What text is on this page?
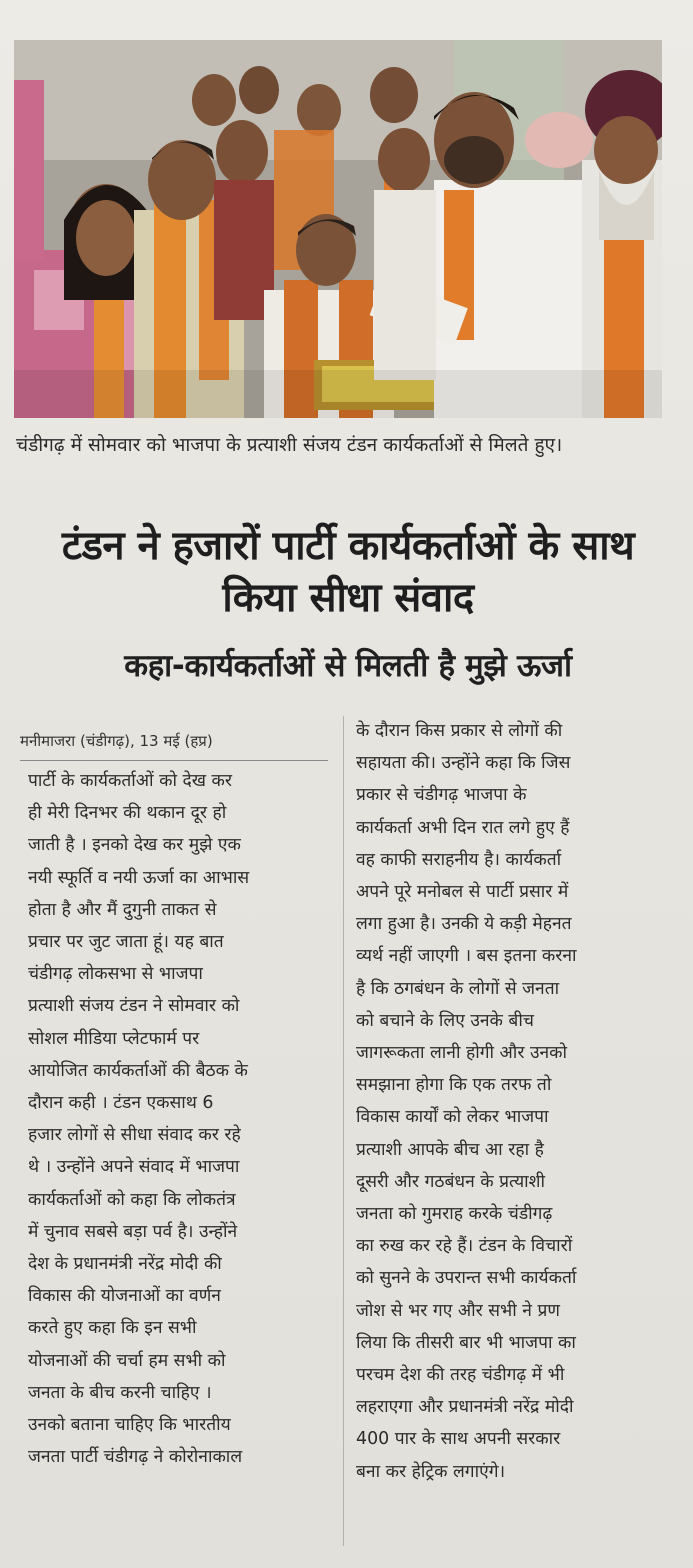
चंडीगढ़ में सोमवार को भाजपा के प्रत्याशी संजय टंडन कार्यकर्ताओं से मिलते हुए।
टंडन ने हजारों पार्टी कार्यकर्ताओं के साथ
किया सीधा संवाद
कहा-कार्यकर्ताओं से मिलती है मुझे ऊर्जा
मनीमाजरा (चंडीगढ़), 13 मई (हप्र)
पार्टी के कार्यकर्ताओं को देख कर
ही मेरी दिनभर की थकान दूर हो
जाती है । इनको देख कर मुझे एक
नयी स्फूर्ति व नयी ऊर्जा का आभास
होता है और मैं दुगुनी ताकत से
प्रचार पर जुट जाता हूं। यह बात
चंडीगढ़ लोकसभा से भाजपा
प्रत्याशी संजय टंडन ने सोमवार को
सोशल मीडिया प्लेटफार्म पर
आयोजित कार्यकर्ताओं की बैठक के
दौरान कही । टंडन एकसाथ 6
हजार लोगों से सीधा संवाद कर रहे
थे । उन्होंने अपने संवाद में भाजपा
कार्यकर्ताओं को कहा कि लोकतंत्र
में चुनाव सबसे बड़ा पर्व है। उन्होंने
देश के प्रधानमंत्री नरेंद्र मोदी की
विकास की योजनाओं का वर्णन
करते हुए कहा कि इन सभी
योजनाओं की चर्चा हम सभी को
जनता के बीच करनी चाहिए ।
उनको बताना चाहिए कि भारतीय
जनता पार्टी चंडीगढ़ ने कोरोनाकाल
के दौरान किस प्रकार से लोगों की
सहायता की। उन्होंने कहा कि जिस
प्रकार से चंडीगढ़ भाजपा के
कार्यकर्ता अभी दिन रात लगे हुए हैं
वह काफी सराहनीय है। कार्यकर्ता
अपने पूरे मनोबल से पार्टी प्रसार में
लगा हुआ है। उनकी ये कड़ी मेहनत
व्यर्थ नहीं जाएगी । बस इतना करना
है कि ठगबंधन के लोगों से जनता
को बचाने के लिए उनके बीच
जागरूकता लानी होगी और उनको
समझाना होगा कि एक तरफ तो
विकास कार्यों को लेकर भाजपा
प्रत्याशी आपके बीच आ रहा है
दूसरी और गठबंधन के प्रत्याशी
जनता को गुमराह करके चंडीगढ़
का रुख कर रहे हैं। टंडन के विचारों
को सुनने के उपरान्त सभी कार्यकर्ता
जोश से भर गए और सभी ने प्रण
लिया कि तीसरी बार भी भाजपा का
परचम देश की तरह चंडीगढ़ में भी
लहराएगा और प्रधानमंत्री नरेंद्र मोदी
400 पार के साथ अपनी सरकार
बना कर हेट्रिक लगाएंगे।
